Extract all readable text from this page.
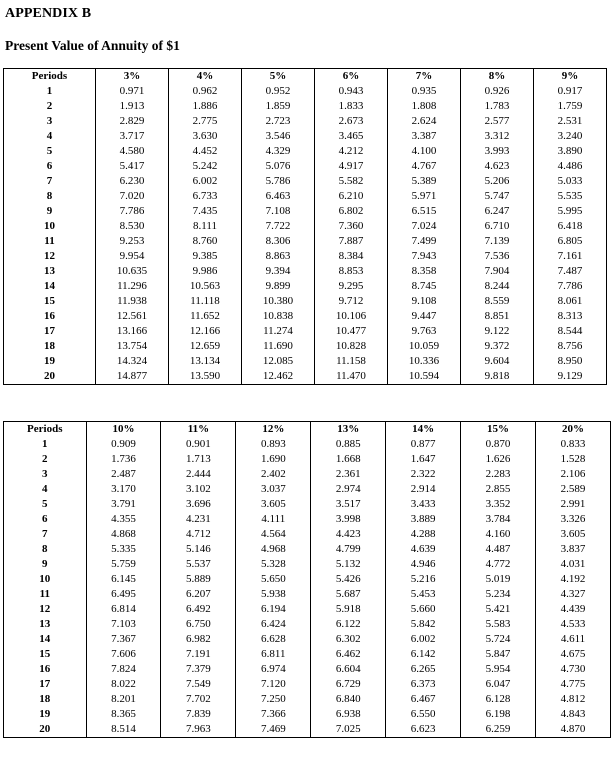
APPENDIX B
Present Value of Annuity of $1
Periods	3%	4%	5%	6%	7%	8%	9%
1	0.971	0.962	0.952	0.943	0.935	0.926	0.917
2	1.913	1.886	1.859	1.833	1.808	1.783	1.759
3	2.829	2.775	2.723	2.673	2.624	2.577	2.531
4	3.717	3.630	3.546	3.465	3.387	3.312	3.240
5	4.580	4.452	4.329	4.212	4.100	3.993	3.890
6	5.417	5.242	5.076	4.917	4.767	4.623	4.486
7	6.230	6.002	5.786	5.582	5.389	5.206	5.033
8	7.020	6.733	6.463	6.210	5.971	5.747	5.535
9	7.786	7.435	7.108	6.802	6.515	6.247	5.995
10	8.530	8.111	7.722	7.360	7.024	6.710	6.418
11	9.253	8.760	8.306	7.887	7.499	7.139	6.805
12	9.954	9.385	8.863	8.384	7.943	7.536	7.161
13	10.635	9.986	9.394	8.853	8.358	7.904	7.487
14	11.296	10.563	9.899	9.295	8.745	8.244	7.786
15	11.938	11.118	10.380	9.712	9.108	8.559	8.061
16	12.561	11.652	10.838	10.106	9.447	8.851	8.313
17	13.166	12.166	11.274	10.477	9.763	9.122	8.544
18	13.754	12.659	11.690	10.828	10.059	9.372	8.756
19	14.324	13.134	12.085	11.158	10.336	9.604	8.950
20	14.877	13.590	12.462	11.470	10.594	9.818	9.129
Periods	10%	11%	12%	13%	14%	15%	20%
1	0.909	0.901	0.893	0.885	0.877	0.870	0.833
2	1.736	1.713	1.690	1.668	1.647	1.626	1.528
3	2.487	2.444	2.402	2.361	2.322	2.283	2.106
4	3.170	3.102	3.037	2.974	2.914	2.855	2.589
5	3.791	3.696	3.605	3.517	3.433	3.352	2.991
6	4.355	4.231	4.111	3.998	3.889	3.784	3.326
7	4.868	4.712	4.564	4.423	4.288	4.160	3.605
8	5.335	5.146	4.968	4.799	4.639	4.487	3.837
9	5.759	5.537	5.328	5.132	4.946	4.772	4.031
10	6.145	5.889	5.650	5.426	5.216	5.019	4.192
11	6.495	6.207	5.938	5.687	5.453	5.234	4.327
12	6.814	6.492	6.194	5.918	5.660	5.421	4.439
13	7.103	6.750	6.424	6.122	5.842	5.583	4.533
14	7.367	6.982	6.628	6.302	6.002	5.724	4.611
15	7.606	7.191	6.811	6.462	6.142	5.847	4.675
16	7.824	7.379	6.974	6.604	6.265	5.954	4.730
17	8.022	7.549	7.120	6.729	6.373	6.047	4.775
18	8.201	7.702	7.250	6.840	6.467	6.128	4.812
19	8.365	7.839	7.366	6.938	6.550	6.198	4.843
20	8.514	7.963	7.469	7.025	6.623	6.259	4.870
